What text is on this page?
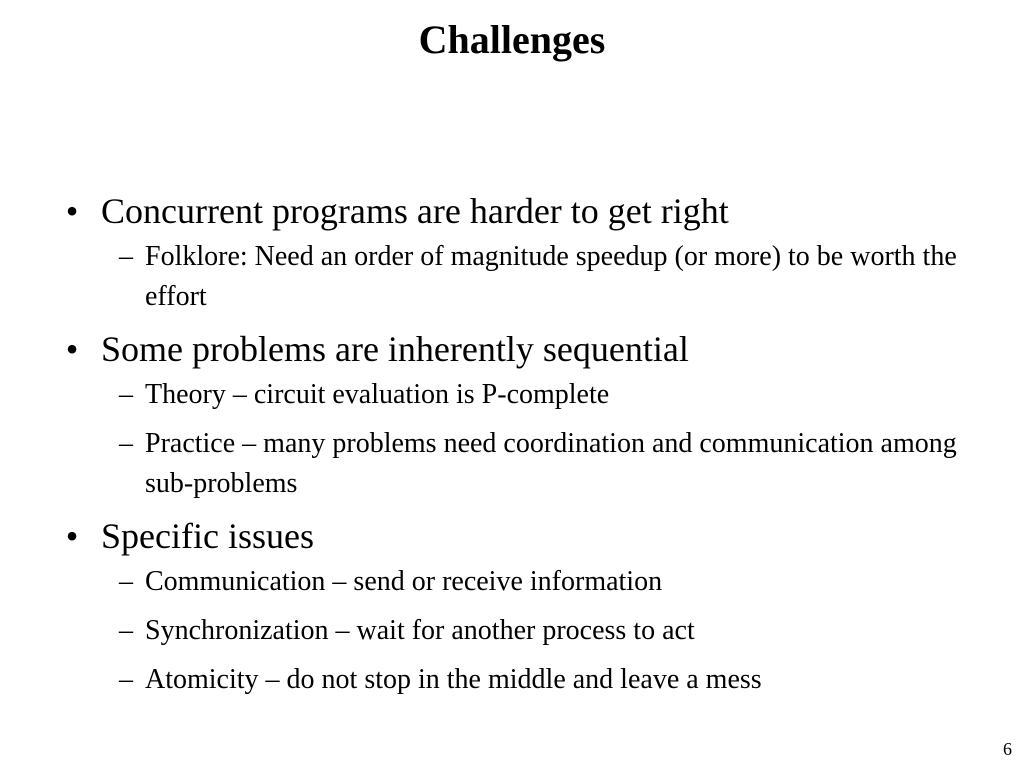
Challenges
• Concurrent programs are harder to get right
– Folklore: Need an order of magnitude speedup (or more) to be worth the effort
• Some problems are inherently sequential
– Theory – circuit evaluation is P-complete
– Practice – many problems need coordination and communication among sub-problems
• Specific issues
– Communication – send or receive information
– Synchronization – wait for another process to act
– Atomicity – do not stop in the middle and leave a mess
6
